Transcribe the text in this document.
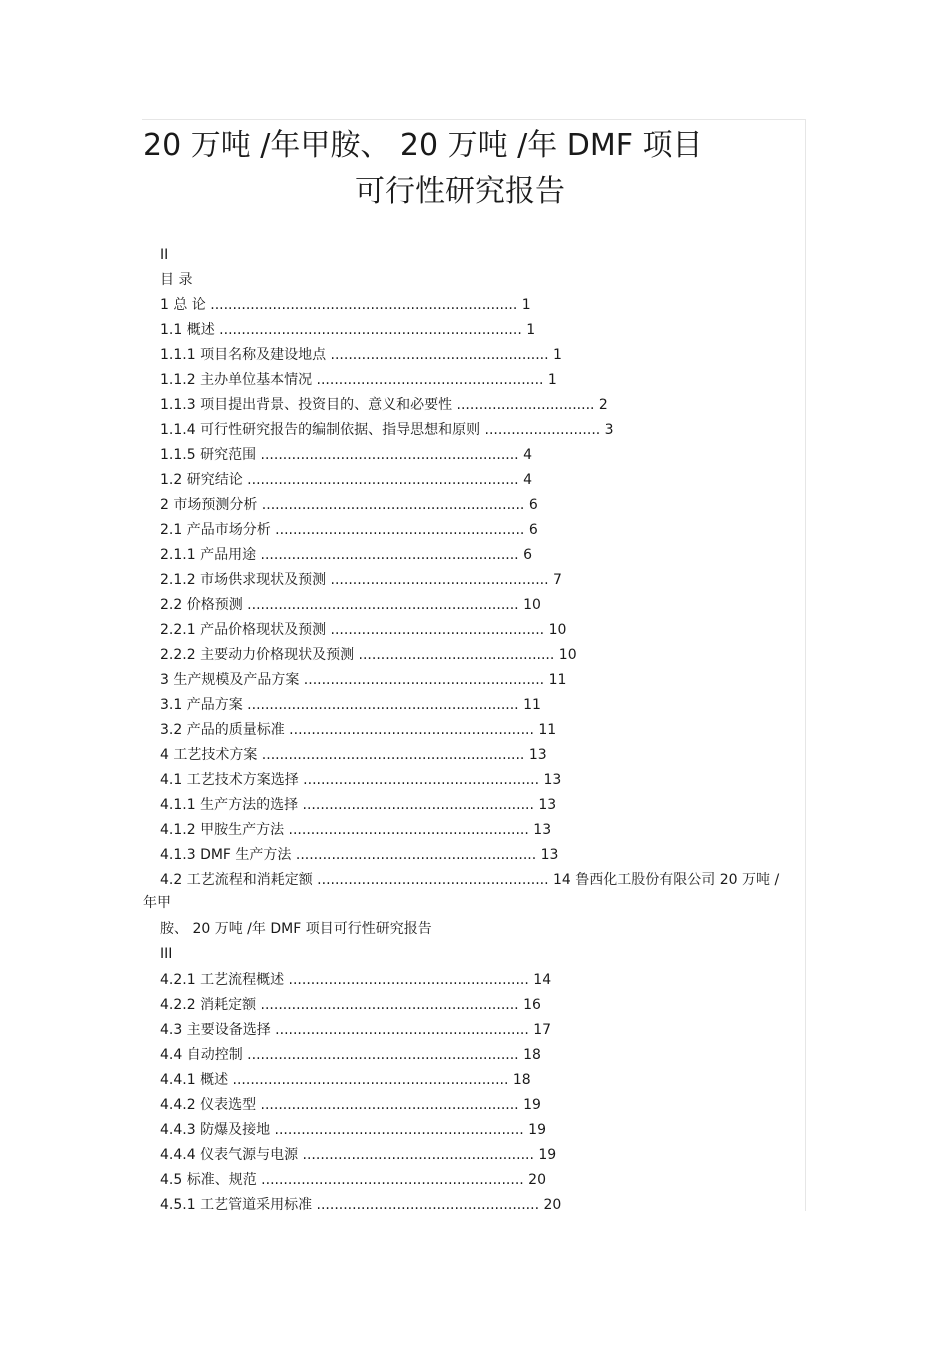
20 万吨 /年甲胺、 20 万吨 /年 DMF 项目
可行性研究报告
II
目 录
1 总 论 ..................................................................... 1
1.1 概述 .................................................................... 1
1.1.1 项目名称及建设地点 ................................................. 1
1.1.2 主办单位基本情况 ................................................... 1
1.1.3 项目提出背景、投资目的、意义和必要性 ............................... 2
1.1.4 可行性研究报告的编制依据、指导思想和原则 .......................... 3
1.1.5 研究范围 .......................................................... 4
1.2 研究结论 ............................................................. 4
2 市场预测分析 ........................................................... 6
2.1 产品市场分析 ........................................................ 6
2.1.1 产品用途 .......................................................... 6
2.1.2 市场供求现状及预测 ................................................. 7
2.2 价格预测 ............................................................. 10
2.2.1 产品价格现状及预测 ................................................ 10
2.2.2 主要动力价格现状及预测 ............................................ 10
3 生产规模及产品方案 ...................................................... 11
3.1 产品方案 ............................................................. 11
3.2 产品的质量标准 ....................................................... 11
4 工艺技术方案 ........................................................... 13
4.1 工艺技术方案选择 ..................................................... 13
4.1.1 生产方法的选择 .................................................... 13
4.1.2 甲胺生产方法 ...................................................... 13
4.1.3 DMF 生产方法 ...................................................... 13
4.2 工艺流程和消耗定额 .................................................... 14 鲁西化工股份有限公司 20 万吨 /
年甲
胺、 20 万吨 /年 DMF 项目可行性研究报告
III
4.2.1 工艺流程概述 ...................................................... 14
4.2.2 消耗定额 .......................................................... 16
4.3 主要设备选择 ......................................................... 17
4.4 自动控制 ............................................................. 18
4.4.1 概述 .............................................................. 18
4.4.2 仪表选型 .......................................................... 19
4.4.3 防爆及接地 ........................................................ 19
4.4.4 仪表气源与电源 .................................................... 19
4.5 标准、规范 ........................................................... 20
4.5.1 工艺管道采用标准 .................................................. 20
